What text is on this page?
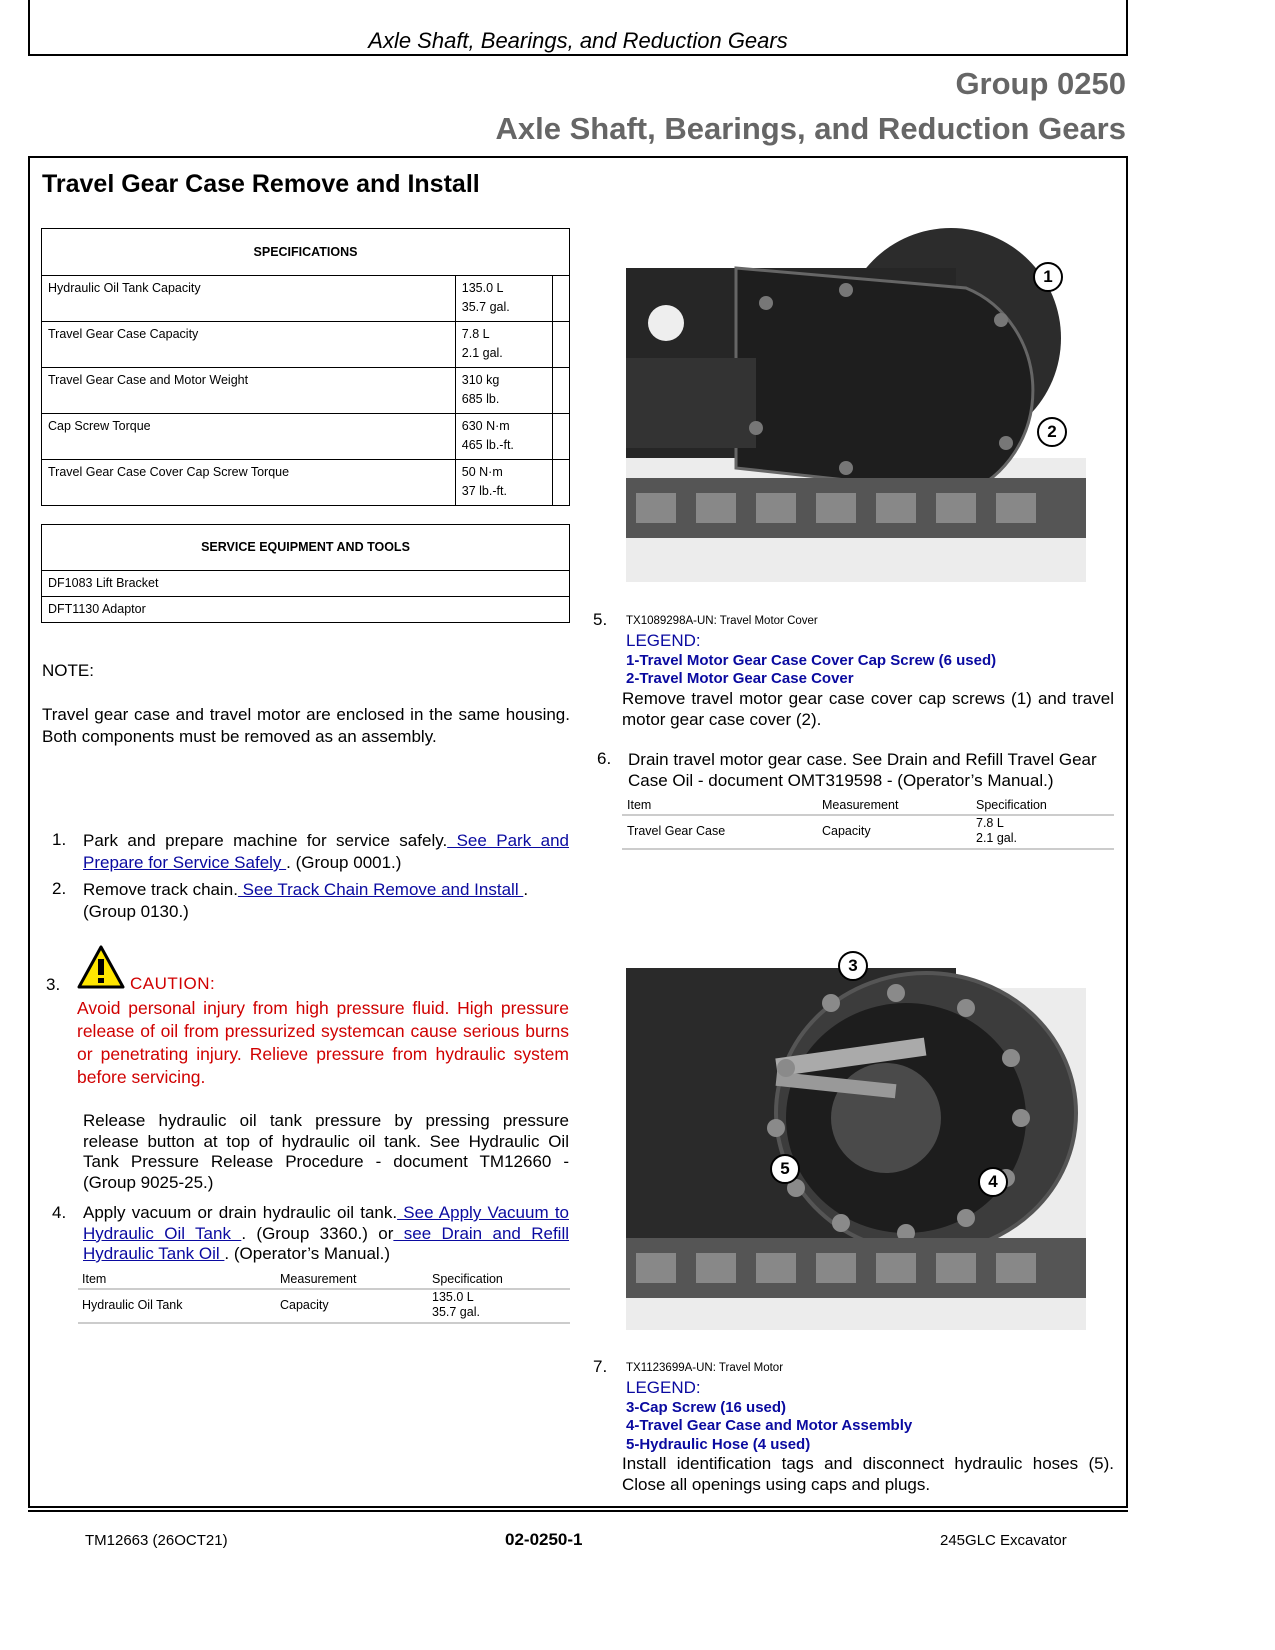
Axle Shaft, Bearings, and Reduction Gears
Group 0250
Axle Shaft, Bearings, and Reduction Gears
Travel Gear Case Remove and Install
SPECIFICATIONS		
Hydraulic Oil Tank Capacity	135.0 L
35.7 gal.	

Travel Gear Case Capacity	7.8 L
2.1 gal.	

Travel Gear Case and Motor Weight	310 kg
685 lb.	

Cap Screw Torque	630 N·m
465 lb.-ft.	

Travel Gear Case Cover Cap Screw Torque	50 N·m
37 lb.-ft.	

SERVICE EQUIPMENT AND TOOLS
DF1083 Lift Bracket
DFT1130 Adaptor
NOTE:
Travel gear case and travel motor are enclosed in the same housing. Both components must be removed as an assembly.
1. Park and prepare machine for service safely. See Park and Prepare for Service Safely . (Group 0001.)
2. Remove track chain. See Track Chain Remove and Install . (Group 0130.)
3.	CAUTION:
Avoid personal injury from high pressure fluid. High pressure release of oil from pressurized systemcan cause serious burns or penetrating injury. Relieve pressure from hydraulic system before servicing.
Release hydraulic oil tank pressure by pressing pressure release button at top of hydraulic oil tank. See Hydraulic Oil Tank Pressure Release Procedure - document TM12660 - (Group 9025-25.)
4. Apply vacuum or drain hydraulic oil tank. See Apply Vacuum to Hydraulic Oil Tank . (Group 3360.) or see Drain and Refill Hydraulic Tank Oil . (Operator’s Manual.)
Item	Measurement	Specification
Hydraulic Oil Tank	Capacity
135.0 L
35.7 gal.
1
2
5. TX1089298A-UN: Travel Motor Cover
LEGEND:
1-Travel Motor Gear Case Cover Cap Screw (6 used)
2-Travel Motor Gear Case Cover
Remove travel motor gear case cover cap screws (1) and travel motor gear case cover (2).
6. Drain travel motor gear case. See Drain and Refill Travel Gear Case Oil - document OMT319598 - (Operator’s Manual.)
Item	Measurement	Specification
Travel Gear Case	Capacity
7.8 L
2.1 gal.
3
5
4
7. TX1123699A-UN: Travel Motor
LEGEND:
3-Cap Screw (16 used)
4-Travel Gear Case and Motor Assembly
5-Hydraulic Hose (4 used)
Install identification tags and disconnect hydraulic hoses (5). Close all openings using caps and plugs.
TM12663 (26OCT21)	02-0250-1	245GLC Excavator
